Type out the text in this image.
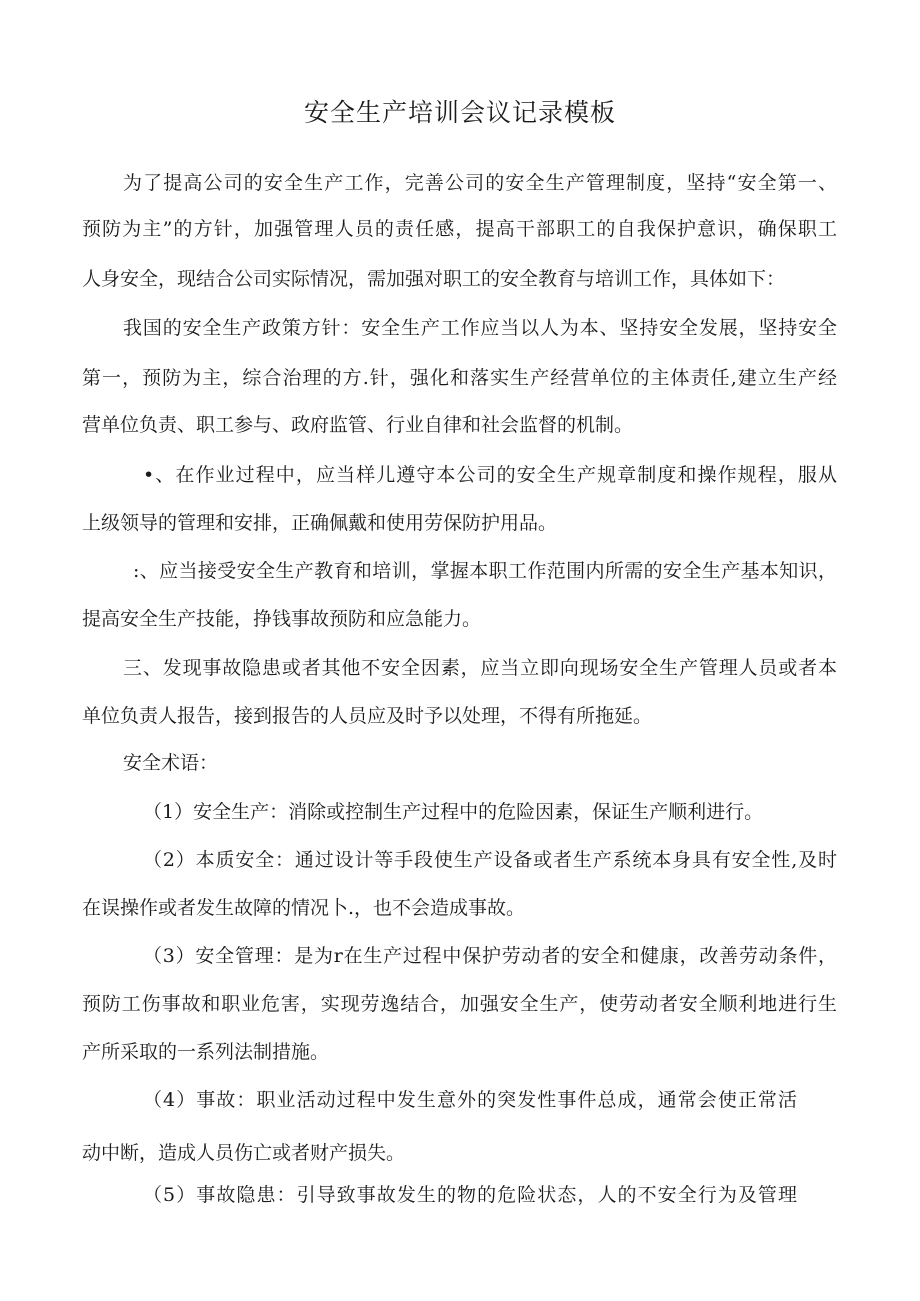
安全生产培训会议记录模板

为了提高公司的安全生产工作，完善公司的安全生产管理制度，坚持“安全第一、

预防为主”的方针，加强管理人员的责任感，提高干部职工的自我保护意识，确保职工

人身安全，现结合公司实际情况，需加强对职工的安全教育与培训工作，具体如下：

我国的安全生产政策方针：安全生产工作应当以人为本、坚持安全发展，坚持安全

第一，预防为主，综合治理的方.针，强化和落实生产经营单位的主体责任,建立生产经

营单位负责、职工参与、政府监管、行业自律和社会监督的机制。

•、在作业过程中，应当样儿遵守本公司的安全生产规章制度和操作规程，服从

上级领导的管理和安排，正确佩戴和使用劳保防护用品。

:、应当接受安全生产教育和培训，掌握本职工作范围内所需的安全生产基本知识，

提高安全生产技能，挣钱事故预防和应急能力。

三、发现事故隐患或者其他不安全因素，应当立即向现场安全生产管理人员或者本

单位负责人报告，接到报告的人员应及时予以处理，不得有所拖延。

安全术语：

（1）安全生产：消除或控制生产过程中的危险因素，保证生产顺利进行。

（2）本质安全：通过设计等手段使生产设备或者生产系统本身具有安全性,及时

在误操作或者发生故障的情况卜.，也不会造成事故。

（3）安全管理：是为r在生产过程中保护劳动者的安全和健康，改善劳动条件，

预防工伤事故和职业危害，实现劳逸结合，加强安全生产，使劳动者安全顺利地进行生

产所采取的一系列法制措施。

（4）事故：职业活动过程中发生意外的突发性事件总成，通常会使正常活

动中断，造成人员伤亡或者财产损失。

（5）事故隐患：引导致事故发生的物的危险状态，人的不安全行为及管理
